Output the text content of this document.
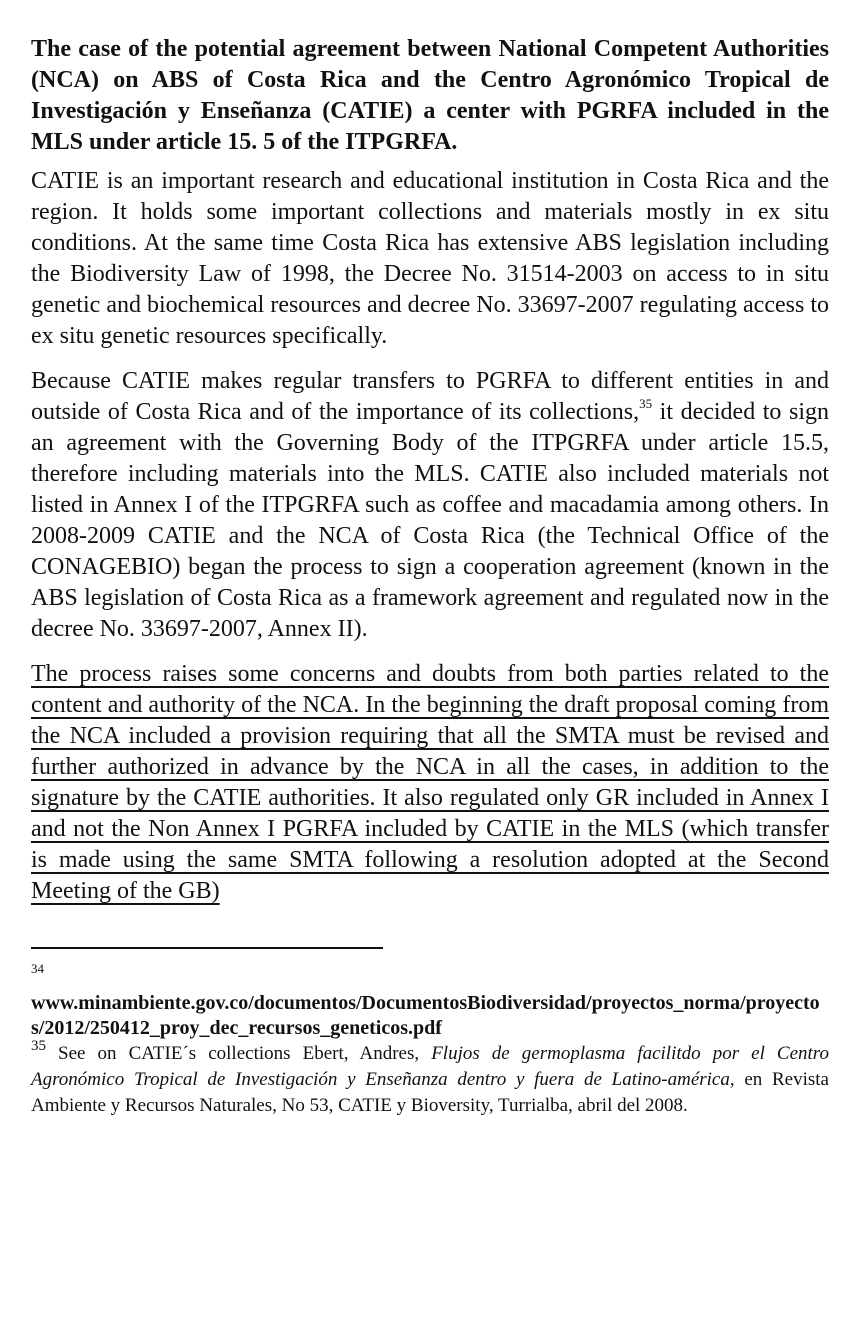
The case of the potential agreement between National Competent Authorities (NCA) on ABS of Costa Rica and the Centro Agronómico Tropical de Investigación y Enseñanza (CATIE) a center with PGRFA included in the MLS under article 15. 5 of the ITPGRFA.

CATIE is an important research and educational institution in Costa Rica and the region. It holds some important collections and materials mostly in ex situ conditions. At the same time Costa Rica has extensive ABS legislation including the Biodiversity Law of 1998, the Decree No. 31514-2003 on access to in situ genetic and biochemical resources and decree No. 33697-2007 regulating access to ex situ genetic resources specifically.

Because CATIE makes regular transfers to PGRFA to different entities in and outside of Costa Rica and of the importance of its collections,$^{35}$ it decided to sign an agreement with the Governing Body of the ITPGRFA under article 15.5, therefore including materials into the MLS. CATIE also included materials not listed in Annex I of the ITPGRFA such as coffee and macadamia among others. In 2008-2009 CATIE and the NCA of Costa Rica (the Technical Office of the CONAGEBIO) began the process to sign a cooperation agreement (known in the ABS legislation of Costa Rica as a framework agreement and regulated now in the decree No. 33697-2007, Annex II).

The process raises some concerns and doubts from both parties related to the content and authority of the NCA. In the beginning the draft proposal coming from the NCA included a provision requiring that all the SMTA must be revised and further authorized in advance by the NCA in all the cases, in addition to the signature by the CATIE authorities. It also regulated only GR included in Annex I and not the Non Annex I PGRFA included by CATIE in the MLS (which transfer is made using the same SMTA following a resolution adopted at the Second Meeting of the GB)

34
www.minambiente.gov.co/documentos/DocumentosBiodiversidad/proyectos_norma/proyectos/2012/250412_proy_dec_recursos_geneticos.pdf

$^{35}$ See on CATIE´s collections Ebert, Andres, Flujos de germoplasma facilitdo por el Centro Agronómico Tropical de Investigación y Enseñanza dentro y fuera de Latino-américa, en Revista Ambiente y Recursos Naturales, No 53, CATIE y Bioversity, Turrialba, abril del 2008.
